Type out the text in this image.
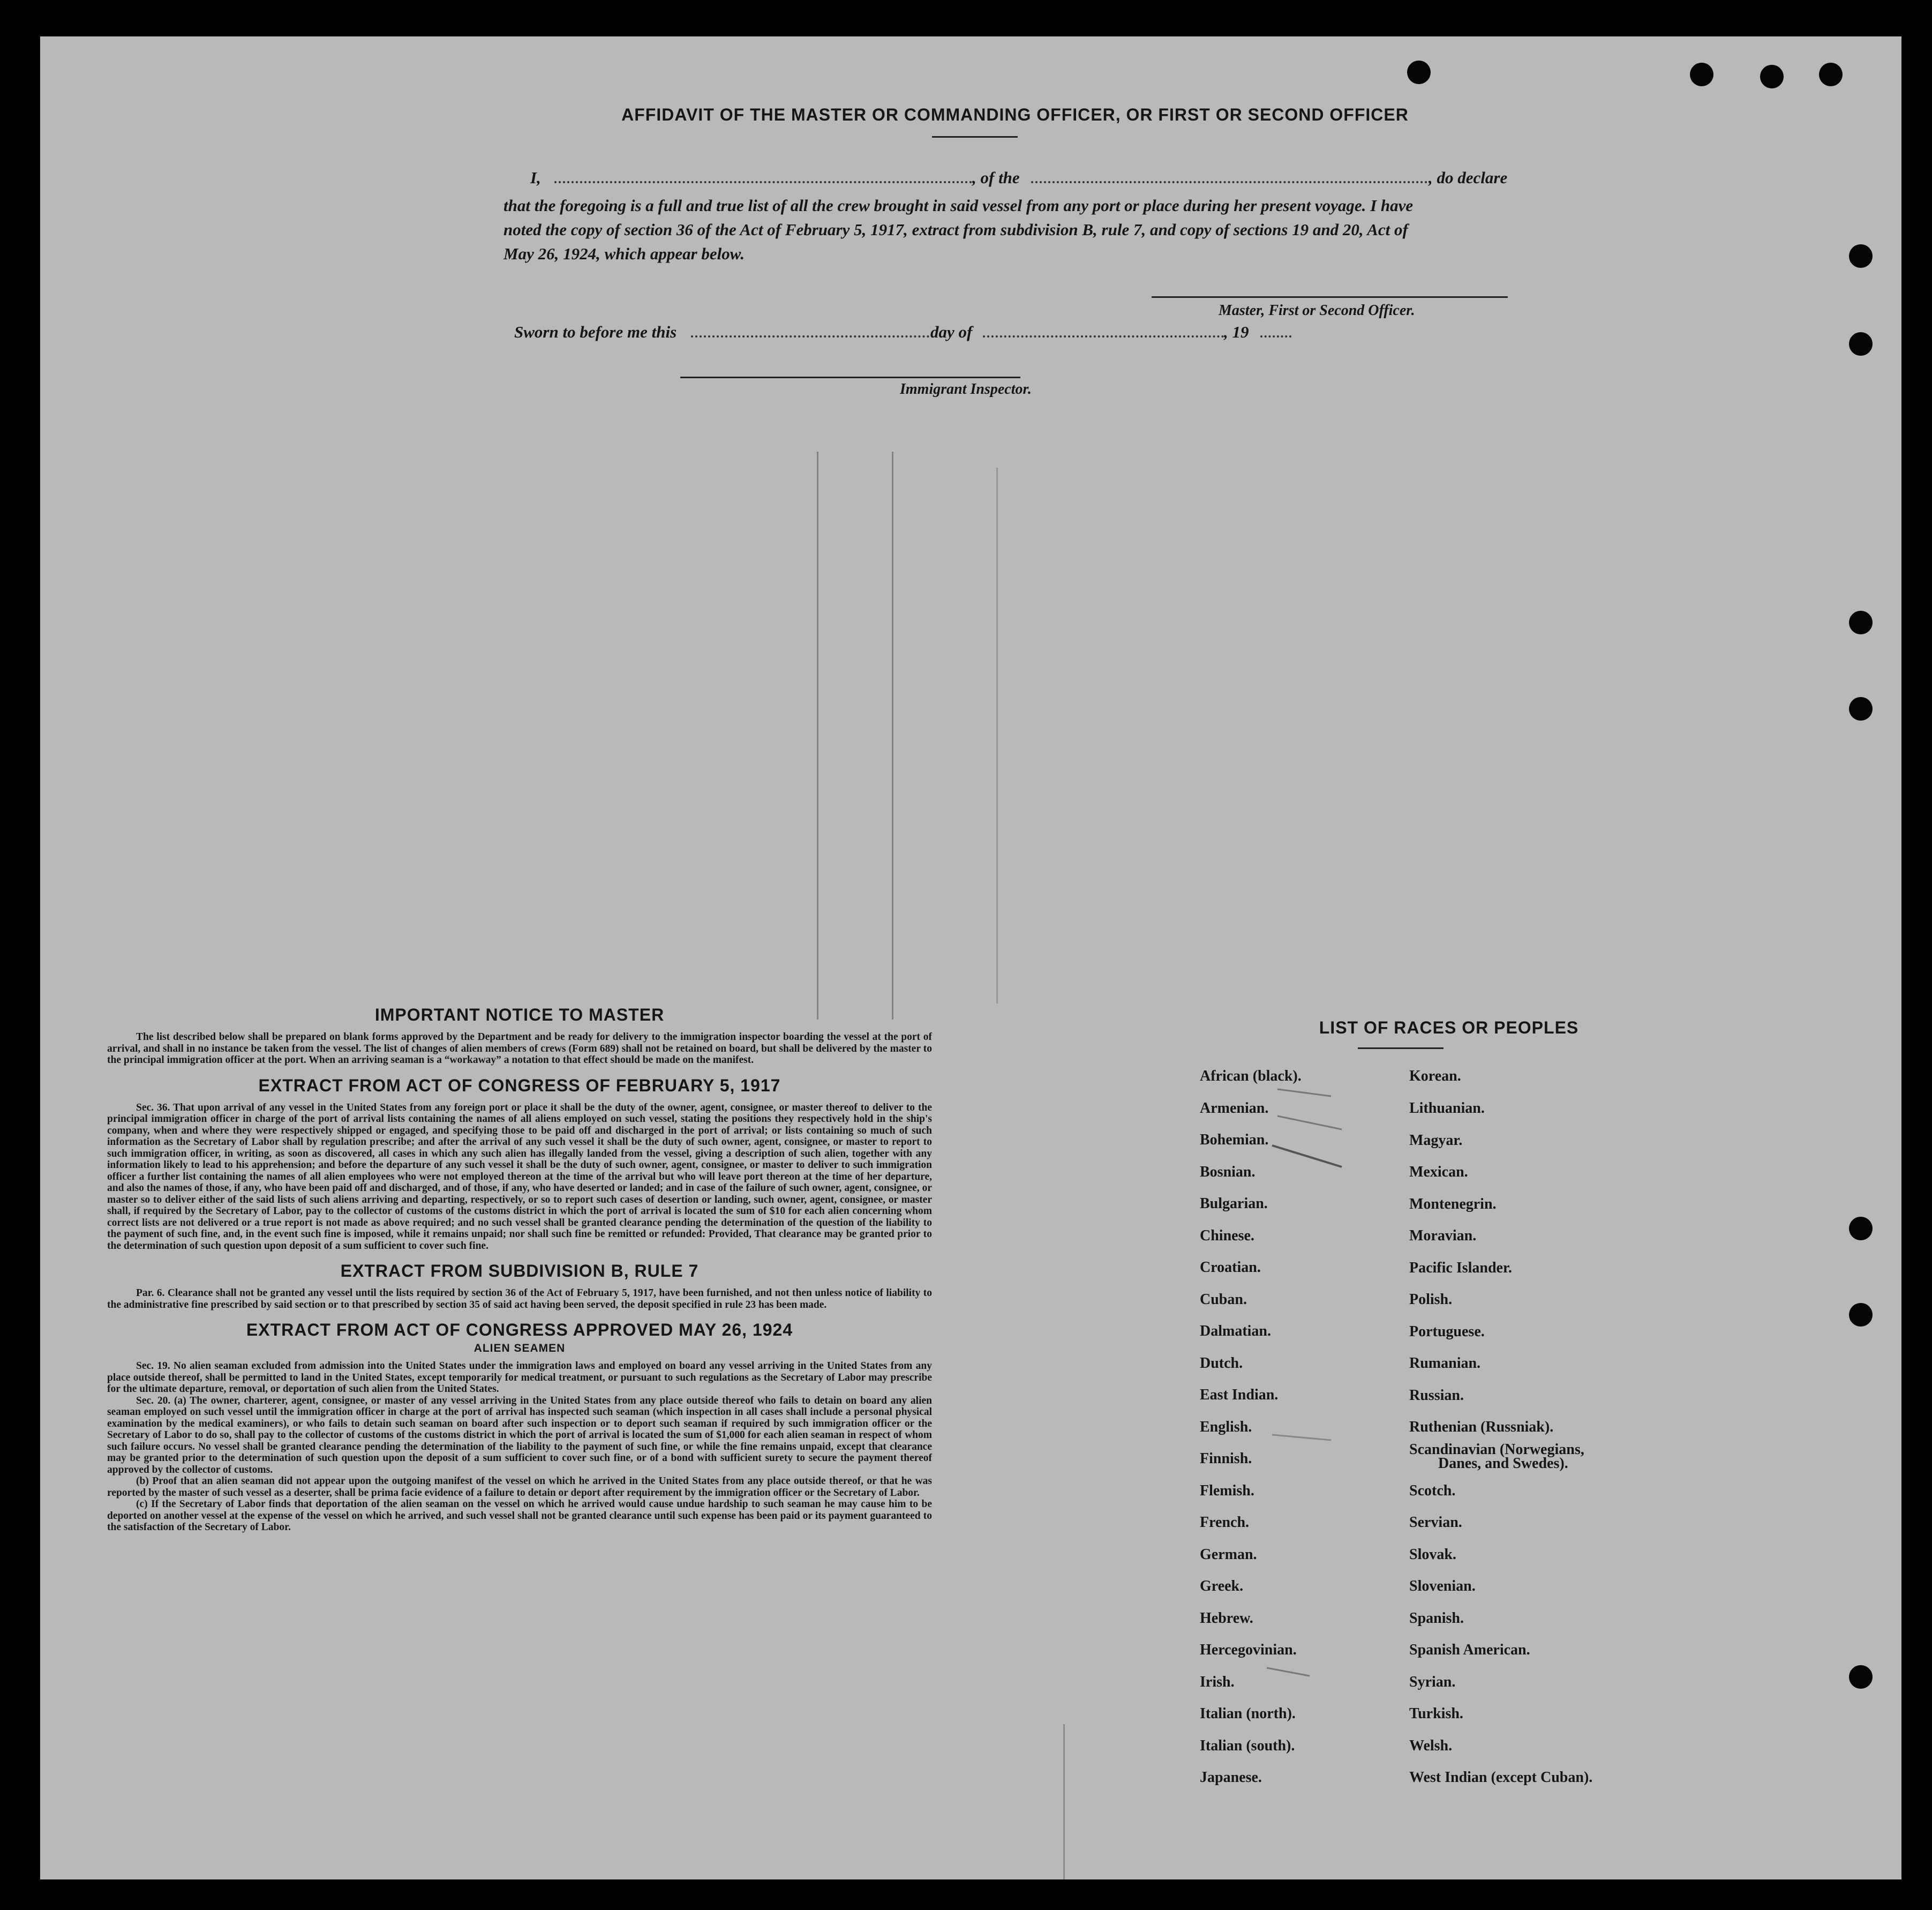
AFFIDAVIT OF THE MASTER OR COMMANDING OFFICER, OR FIRST OR SECOND OFFICER
I,	, of the	, do declare
that the foregoing is a full and true list of all the crew brought in said vessel from any port or place during her present voyage. I have
noted the copy of section 36 of the Act of February 5, 1917, extract from subdivision B, rule 7, and copy of sections 19 and 20, Act of
May 26, 1924, which appear below.
Master, First or Second Officer.
Sworn to before me this	day of	, 19
Immigrant Inspector.
IMPORTANT NOTICE TO MASTER

The list described below shall be prepared on blank forms approved by the Department and be ready for delivery to the immigration inspector boarding the vessel at the port of arrival, and shall in no instance be taken from the vessel. The list of changes of alien members of crews (Form 689) shall not be retained on board, but shall be delivered by the master to the principal immigration officer at the port. When an arriving seaman is a “workaway” a notation to that effect should be made on the manifest.

EXTRACT FROM ACT OF CONGRESS OF FEBRUARY 5, 1917

Sec. 36. That upon arrival of any vessel in the United States from any foreign port or place it shall be the duty of the owner, agent, consignee, or master thereof to deliver to the principal immigration officer in charge of the port of arrival lists containing the names of all aliens employed on such vessel, stating the positions they respectively hold in the ship's company, when and where they were respectively shipped or engaged, and specifying those to be paid off and discharged in the port of arrival; or lists containing so much of such information as the Secretary of Labor shall by regulation prescribe; and after the arrival of any such vessel it shall be the duty of such owner, agent, consignee, or master to report to such immigration officer, in writing, as soon as discovered, all cases in which any such alien has illegally landed from the vessel, giving a description of such alien, together with any information likely to lead to his apprehension; and before the departure of any such vessel it shall be the duty of such owner, agent, consignee, or master to deliver to such immigration officer a further list containing the names of all alien employees who were not employed thereon at the time of the arrival but who will leave port thereon at the time of her departure, and also the names of those, if any, who have been paid off and discharged, and of those, if any, who have deserted or landed; and in case of the failure of such owner, agent, consignee, or master so to deliver either of the said lists of such aliens arriving and departing, respectively, or so to report such cases of desertion or landing, such owner, agent, consignee, or master shall, if required by the Secretary of Labor, pay to the collector of customs of the customs district in which the port of arrival is located the sum of $10 for each alien concerning whom correct lists are not delivered or a true report is not made as above required; and no such vessel shall be granted clearance pending the determination of the question of the liability to the payment of such fine, and, in the event such fine is imposed, while it remains unpaid; nor shall such fine be remitted or refunded: Provided, That clearance may be granted prior to the determination of such question upon deposit of a sum sufficient to cover such fine.

EXTRACT FROM SUBDIVISION B, RULE 7

Par. 6. Clearance shall not be granted any vessel until the lists required by section 36 of the Act of February 5, 1917, have been furnished, and not then unless notice of liability to the administrative fine prescribed by said section or to that prescribed by section 35 of said act having been served, the deposit specified in rule 23 has been made.

EXTRACT FROM ACT OF CONGRESS APPROVED MAY 26, 1924
ALIEN SEAMEN

Sec. 19. No alien seaman excluded from admission into the United States under the immigration laws and employed on board any vessel arriving in the United States from any place outside thereof, shall be permitted to land in the United States, except temporarily for medical treatment, or pursuant to such regulations as the Secretary of Labor may prescribe for the ultimate departure, removal, or deportation of such alien from the United States.

Sec. 20. (a) The owner, charterer, agent, consignee, or master of any vessel arriving in the United States from any place outside thereof who fails to detain on board any alien seaman employed on such vessel until the immigration officer in charge at the port of arrival has inspected such seaman (which inspection in all cases shall include a personal physical examination by the medical examiners), or who fails to detain such seaman on board after such inspection or to deport such seaman if required by such immigration officer or the Secretary of Labor to do so, shall pay to the collector of customs of the customs district in which the port of arrival is located the sum of $1,000 for each alien seaman in respect of whom such failure occurs. No vessel shall be granted clearance pending the determination of the liability to the payment of such fine, or while the fine remains unpaid, except that clearance may be granted prior to the determination of such question upon the deposit of a sum sufficient to cover such fine, or of a bond with sufficient surety to secure the payment thereof approved by the collector of customs.

(b) Proof that an alien seaman did not appear upon the outgoing manifest of the vessel on which he arrived in the United States from any place outside thereof, or that he was reported by the master of such vessel as a deserter, shall be prima facie evidence of a failure to detain or deport after requirement by the immigration officer or the Secretary of Labor.

(c) If the Secretary of Labor finds that deportation of the alien seaman on the vessel on which he arrived would cause undue hardship to such seaman he may cause him to be deported on another vessel at the expense of the vessel on which he arrived, and such vessel shall not be granted clearance until such expense has been paid or its payment guaranteed to the satisfaction of the Secretary of Labor.

LIST OF RACES OR PEOPLES
African (black).
Armenian.
Bohemian.
Bosnian.
Bulgarian.
Chinese.
Croatian.
Cuban.
Dalmatian.
Dutch.
East Indian.
English.
Finnish.
Flemish.
French.
German.
Greek.
Hebrew.
Hercegovinian.
Irish.
Italian (north).
Italian (south).
Japanese.
Korean.
Lithuanian.
Magyar.
Mexican.
Montenegrin.
Moravian.
Pacific Islander.
Polish.
Portuguese.
Rumanian.
Russian.
Ruthenian (Russniak).
Scandinavian (Norwegians,
Danes, and Swedes).
Scotch.
Servian.
Slovak.
Slovenian.
Spanish.
Spanish American.
Syrian.
Turkish.
Welsh.
West Indian (except Cuban).
